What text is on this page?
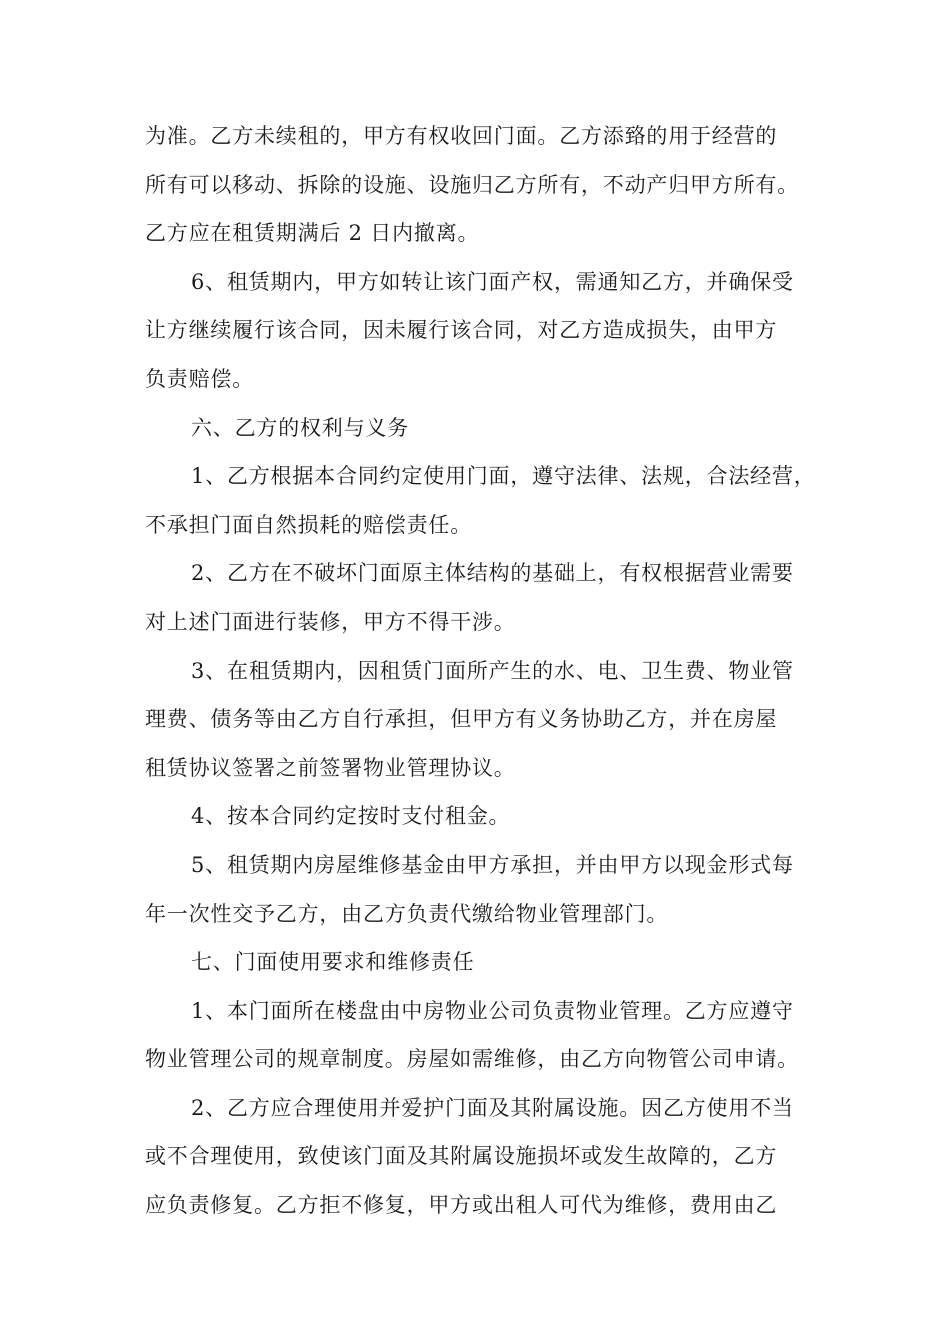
为准。乙方未续租的，甲方有权收回门面。乙方添臵的用于经营的
所有可以移动、拆除的设施、设施归乙方所有，不动产归甲方所有。
乙方应在租赁期满后 2 日内撤离。
6、租赁期内，甲方如转让该门面产权，需通知乙方，并确保受
让方继续履行该合同，因未履行该合同，对乙方造成损失，由甲方
负责赔偿。
六、乙方的权利与义务
1、乙方根据本合同约定使用门面，遵守法律、法规，合法经营，
不承担门面自然损耗的赔偿责任。
2、乙方在不破坏门面原主体结构的基础上，有权根据营业需要
对上述门面进行装修，甲方不得干涉。
3、在租赁期内，因租赁门面所产生的水、电、卫生费、物业管
理费、债务等由乙方自行承担，但甲方有义务协助乙方，并在房屋
租赁协议签署之前签署物业管理协议。
4、按本合同约定按时支付租金。
5、租赁期内房屋维修基金由甲方承担，并由甲方以现金形式每
年一次性交予乙方，由乙方负责代缴给物业管理部门。
七、门面使用要求和维修责任
1、本门面所在楼盘由中房物业公司负责物业管理。乙方应遵守
物业管理公司的规章制度。房屋如需维修，由乙方向物管公司申请。
2、乙方应合理使用并爱护门面及其附属设施。因乙方使用不当
或不合理使用，致使该门面及其附属设施损坏或发生故障的，乙方
应负责修复。乙方拒不修复，甲方或出租人可代为维修，费用由乙
